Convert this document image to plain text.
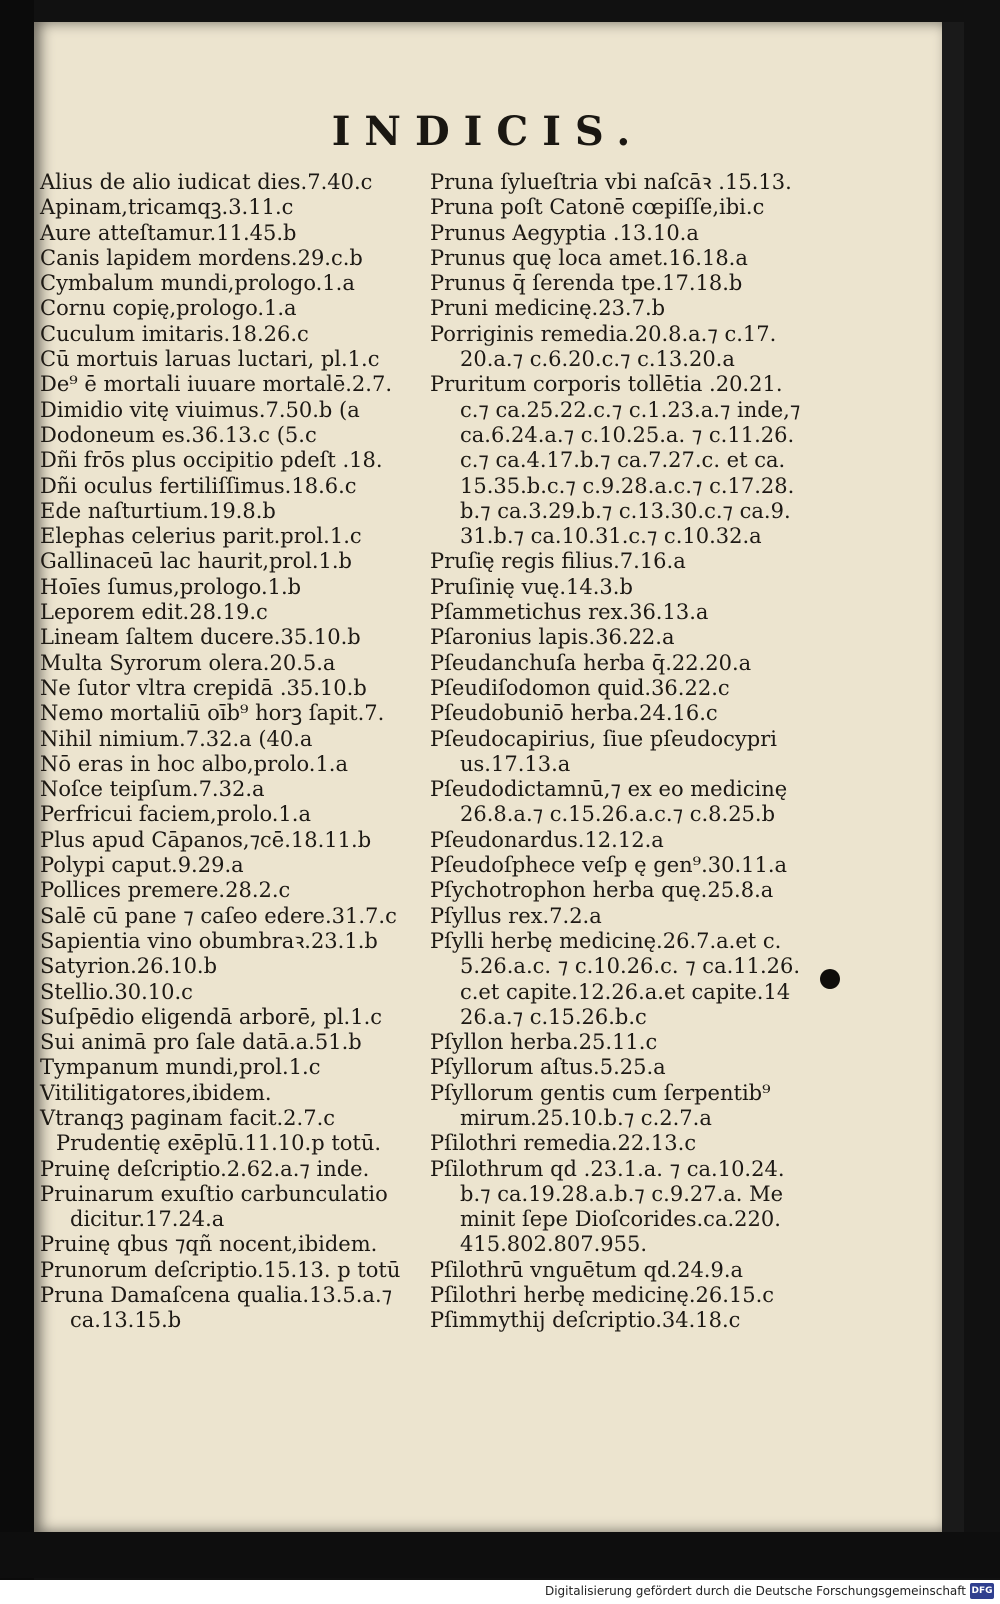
INDICIS.
Alius de alio iudicat dies.7.40.c
Apinam,tricamqꝫ.3.11.c
Aure atteſtamur.11.45.b
Canis lapidem mordens.29.c.b
Cymbalum mundi,prologo.1.a
Cornu copię,prologo.1.a
Cuculum imitaris.18.26.c
Cū mortuis laruas luctari, pl.1.c
De⁹ ē mortali iuuare mortalē.2.7.
Dimidio vitę viuimus.7.50.b (a
Dodoneum es.36.13.c (5.c
Dñi frōs plus occipitio pdeſt .18.
Dñi oculus fertiliſſimus.18.6.c
Ede naſturtium.19.8.b
Elephas celerius parit.prol.1.c
Gallinaceū lac haurit,prol.1.b
Hoīes ſumus,prologo.1.b
Leporem edit.28.19.c
Lineam ſaltem ducere.35.10.b
Multa Syrorum olera.20.5.a
Ne ſutor vltra crepidā .35.10.b
Nemo mortaliū oīb⁹ horꝫ ſapit.7.
Nihil nimium.7.32.a (40.a
Nō eras in hoc albo,prolo.1.a
Noſce teipſum.7.32.a
Perfricui faciem,prolo.1.a
Plus apud Cāpanos,⁊cē.18.11.b
Polypi caput.9.29.a
Pollices premere.28.2.c
Salē cū pane ⁊ caſeo edere.31.7.c
Sapientia vino obumbraꝛ.23.1.b
Satyrion.26.10.b
Stellio.30.10.c
Suſpēdio eligendā arborē, pl.1.c
Sui animā pro ſale datā.a.51.b
Tympanum mundi,prol.1.c
Vitilitigatores,ibidem.
Vtranqꝫ paginam facit.2.7.c
Prudentię exēplū.11.10.p totū.
Pruinę deſcriptio.2.62.a.⁊ inde.
Pruinarum exuſtio carbunculatio
dicitur.17.24.a
Pruinę qbus ⁊qñ nocent,ibidem.
Prunorum deſcriptio.15.13. p totū
Pruna Damaſcena qualia.13.5.a.⁊
ca.13.15.b
Pruna ſylueſtria vbi naſcāꝛ .15.13.
Pruna poſt Catonē cœpiſſe,ibi.c
Prunus Aegyptia .13.10.a
Prunus quę loca amet.16.18.a
Prunus q̄ ſerenda tpe.17.18.b
Pruni medicinę.23.7.b
Porriginis remedia.20.8.a.⁊ c.17.
20.a.⁊ c.6.20.c.⁊ c.13.20.a
Pruritum corporis tollētia .20.21.
c.⁊ ca.25.22.c.⁊ c.1.23.a.⁊ inde,⁊
ca.6.24.a.⁊ c.10.25.a. ⁊ c.11.26.
c.⁊ ca.4.17.b.⁊ ca.7.27.c. et ca.
15.35.b.c.⁊ c.9.28.a.c.⁊ c.17.28.
b.⁊ ca.3.29.b.⁊ c.13.30.c.⁊ ca.9.
31.b.⁊ ca.10.31.c.⁊ c.10.32.a
Pruſię regis filius.7.16.a
Pruſinię vuę.14.3.b
Pſammetichus rex.36.13.a
Pſaronius lapis.36.22.a
Pſeudanchuſa herba q̄.22.20.a
Pſeudiſodomon quid.36.22.c
Pſeudobuniō herba.24.16.c
Pſeudocapirius, ſiue pſeudocypri
us.17.13.a
Pſeudodictamnū,⁊ ex eo medicinę
26.8.a.⁊ c.15.26.a.c.⁊ c.8.25.b
Pſeudonardus.12.12.a
Pſeudoſphece veſp ę gen⁹.30.11.a
Pſychotrophon herba quę.25.8.a
Pſyllus rex.7.2.a
Pſylli herbę medicinę.26.7.a.et c.
5.26.a.c. ⁊ c.10.26.c. ⁊ ca.11.26.
c.et capite.12.26.a.et capite.14
26.a.⁊ c.15.26.b.c
Pſyllon herba.25.11.c
Pſyllorum aſtus.5.25.a
Pſyllorum gentis cum ſerpentib⁹
mirum.25.10.b.⁊ c.2.7.a
Pſilothri remedia.22.13.c
Pſilothrum qd .23.1.a. ⁊ ca.10.24.
b.⁊ ca.19.28.a.b.⁊ c.9.27.a. Me
minit ſepe Dioſcorides.ca.220.
415.802.807.955.
Pſilothrū vnguētum qd.24.9.a
Pſilothri herbę medicinę.26.15.c
Pſimmythij deſcriptio.34.18.c
Digitalisierung gefördert durch die Deutsche Forschungsgemeinschaft DFG
